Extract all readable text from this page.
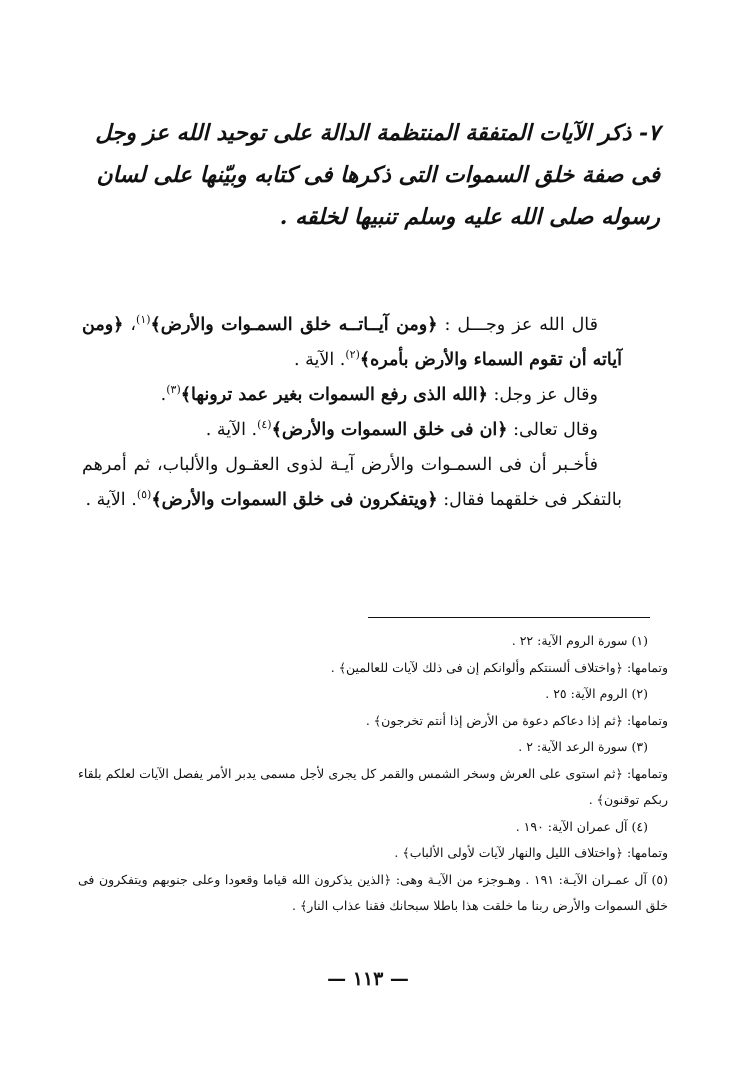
٧- ذكر الآيات المتفقة المنتظمة الدالة على توحيد الله عز وجل
فى صفة خلق السموات التى ذكرها فى كتابه وبيّنها على لسان
رسوله صلى الله عليه وسلم تنبيها لخلقه .

قال الله عز وجـــل : ﴿ومن آيــاتــه خلق السمـوات والأرض﴾$^{(١)}$، ﴿ومن آياته أن تقوم السماء والأرض بأمره﴾$^{(٢)}$. الآية .

وقال عز وجل: ﴿الله الذى رفع السموات بغير عمد ترونها﴾$^{(٣)}$.

وقال تعالى: ﴿ان فى خلق السموات والأرض﴾$^{(٤)}$. الآية .

فأخـبر أن فى السمـوات والأرض آيـة لذوى العقـول والألباب، ثم أمرهم بالتفكر فى خلقهما فقال: ﴿ويتفكرون فى خلق السموات والأرض﴾$^{(٥)}$. الآية .

(١) سورة الروم الآية: ٢٢ .

وتمامها: ﴿واختلاف ألسنتكم وألوانكم إن فى ذلك لآيات للعالمين﴾ .

(٢) الروم الآية: ٢٥ .

وتمامها: ﴿ثم إذا دعاكم دعوة من الأرض إذا أنتم تخرجون﴾ .

(٣) سورة الرعد الآية: ٢ .

وتمامها: ﴿ثم استوى على العرش وسخر الشمس والقمر كل يجرى لأجل مسمى يدبر الأمر يفصل الآيات لعلكم بلقاء ربكم توقنون﴾ .

(٤) آل عمران الآية: ١٩٠ .

وتمامها: ﴿واختلاف الليل والنهار لآيات لأولى الألباب﴾ .

(٥) آل عمـران الآيـة: ١٩١ . وهـوجزء من الآيـة وهى: ﴿الذين يذكرون الله قياما وقعودا وعلى جنوبهم ويتفكرون فى خلق السموات والأرض ربنا ما خلقت هذا باطلا سبحانك فقنا عذاب النار﴾ .

— ١١٣ —
